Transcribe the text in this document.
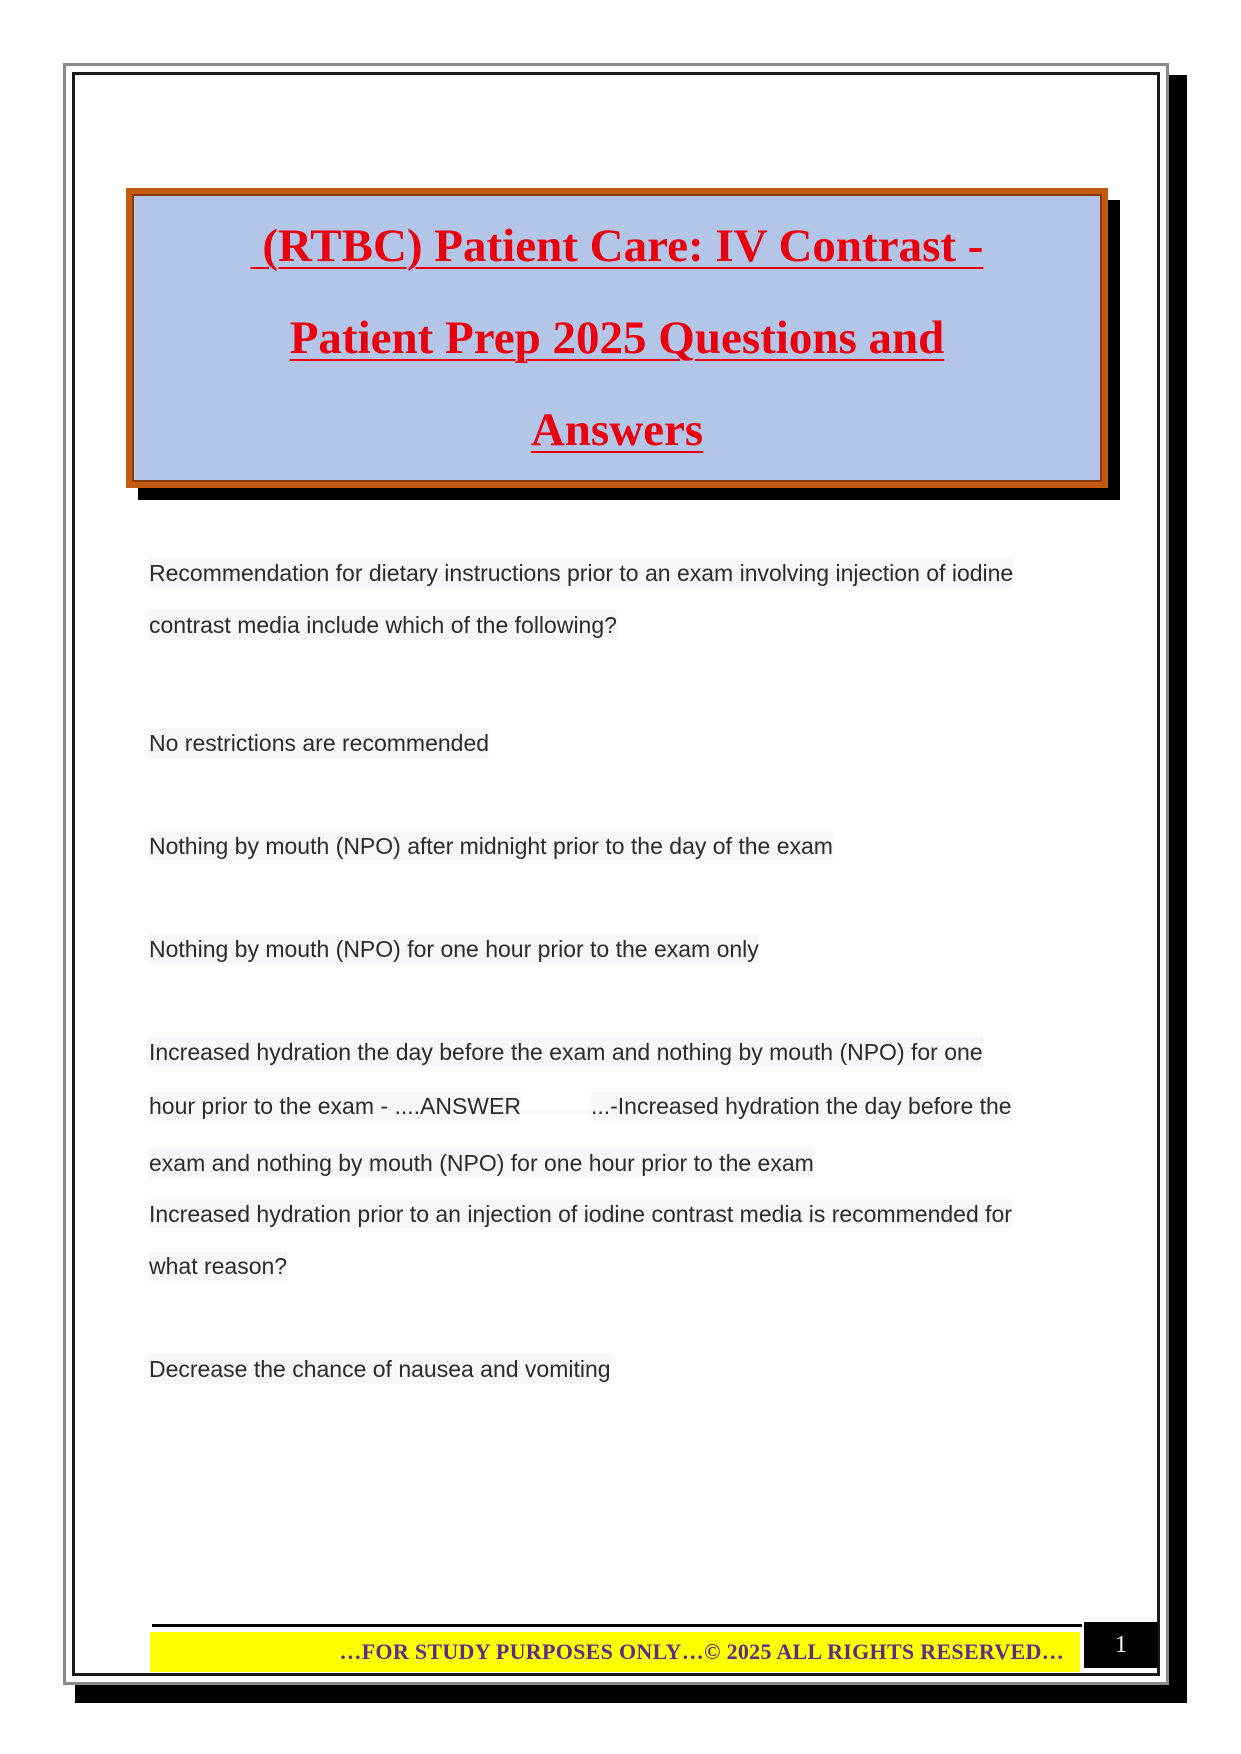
(RTBC) Patient Care: IV Contrast -
Patient Prep 2025 Questions and
Answers

Recommendation for dietary instructions prior to an exam involving injection of iodine

contrast media include which of the following?

No restrictions are recommended

Nothing by mouth (NPO) after midnight prior to the day of the exam

Nothing by mouth (NPO) for one hour prior to the exam only

Increased hydration the day before the exam and nothing by mouth (NPO) for one

hour prior to the exam - ....ANSWER	...-Increased hydration the day before the

exam and nothing by mouth (NPO) for one hour prior to the exam

Increased hydration prior to an injection of iodine contrast media is recommended for

what reason?

Decrease the chance of nausea and vomiting

…FOR STUDY PURPOSES ONLY…© 2025 ALL RIGHTS RESERVED…	1
